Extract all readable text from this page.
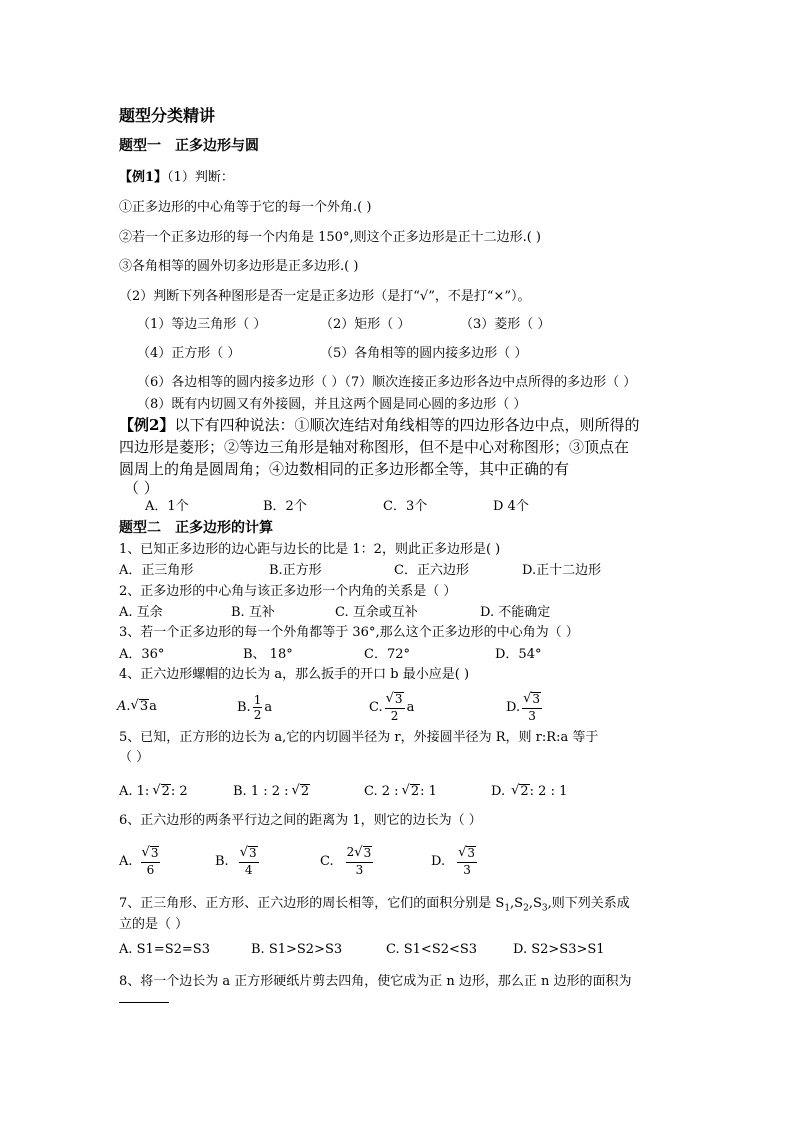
题型分类精讲
题型一　正多边形与圆
【例1】（1）判断：
①正多边形的中心角等于它的每一个外角.( )
②若一个正多边形的每一个内角是 150°,则这个正多边形是正十二边形.( )
③各角相等的圆外切多边形是正多边形.( )
（2）判断下列各种图形是否一定是正多边形（是打“√”，不是打“×”）。
（1）等边三角形（ ）	（2）矩形（ ）	（3）菱形（ ）
（4）正方形（ ）	（5）各角相等的圆内接多边形（ ）
（6）各边相等的圆内接多边形（ ）（7）顺次连接正多边形各边中点所得的多边形（ ）
（8）既有内切圆又有外接圆，并且这两个圆是同心圆的多边形（ ）
【例2】以下有四种说法：①顺次连结对角线相等的四边形各边中点，则所得的
四边形是菱形；②等边三角形是轴对称图形，但不是中心对称图形；③顶点在
圆周上的角是圆周角；④边数相同的正多边形都全等，其中正确的有
（ ）
A．1个	B．2个	C．3个	D 4个
题型二　正多边形的计算
1、已知正多边形的边心距与边长的比是 1：2，则此正多边形是( )
A．正三角形	B.正方形	C．正六边形	D.正十二边形
2、正多边形的中心角与该正多边形一个内角的关系是（ ）
A. 互余	B. 互补	C. 互余或互补	D. 不能确定
3、若一个正多边形的每一个外角都等于 36°,那么这个正多边形的中心角为（ ）
A．36°	B、 18°	C．72°	D．54°
4、正六边形螺帽的边长为 a，那么扳手的开口 b 最小应是( )
A. √ 3 a	B. $\frac{1}{2}$ a	C. $\frac{√ 3}{2}$ a	D. $\frac{√ 3}{3}$
5、已知，正方形的边长为 a,它的内切圆半径为 r，外接圆半径为 R，则 r:R:a 等于
（ ）
A. 1: √ 2 : 2	B. 1 : 2 : √ 2	C. 2 : √ 2 : 1	D. √ 2 : 2 : 1
6、正六边形的两条平行边之间的距离为 1，则它的边长为（ ）
A. $\frac{√ 3}{6}$	B. $\frac{√ 3}{4}$	C. $\frac{2 √ 3}{3}$	D. $\frac{√ 3}{3}$
7、正三角形、正方形、正六边形的周长相等，它们的面积分别是 $S_1,S_2,S_3$,则下列关系成
立的是（ ）
A. S1=S2=S3	B. S1>S2>S3	C. S1<S2<S3	D. S2>S3>S1
8、将一个边长为 a 正方形硬纸片剪去四角，使它成为正 n 边形，那么正 n 边形的面积为
